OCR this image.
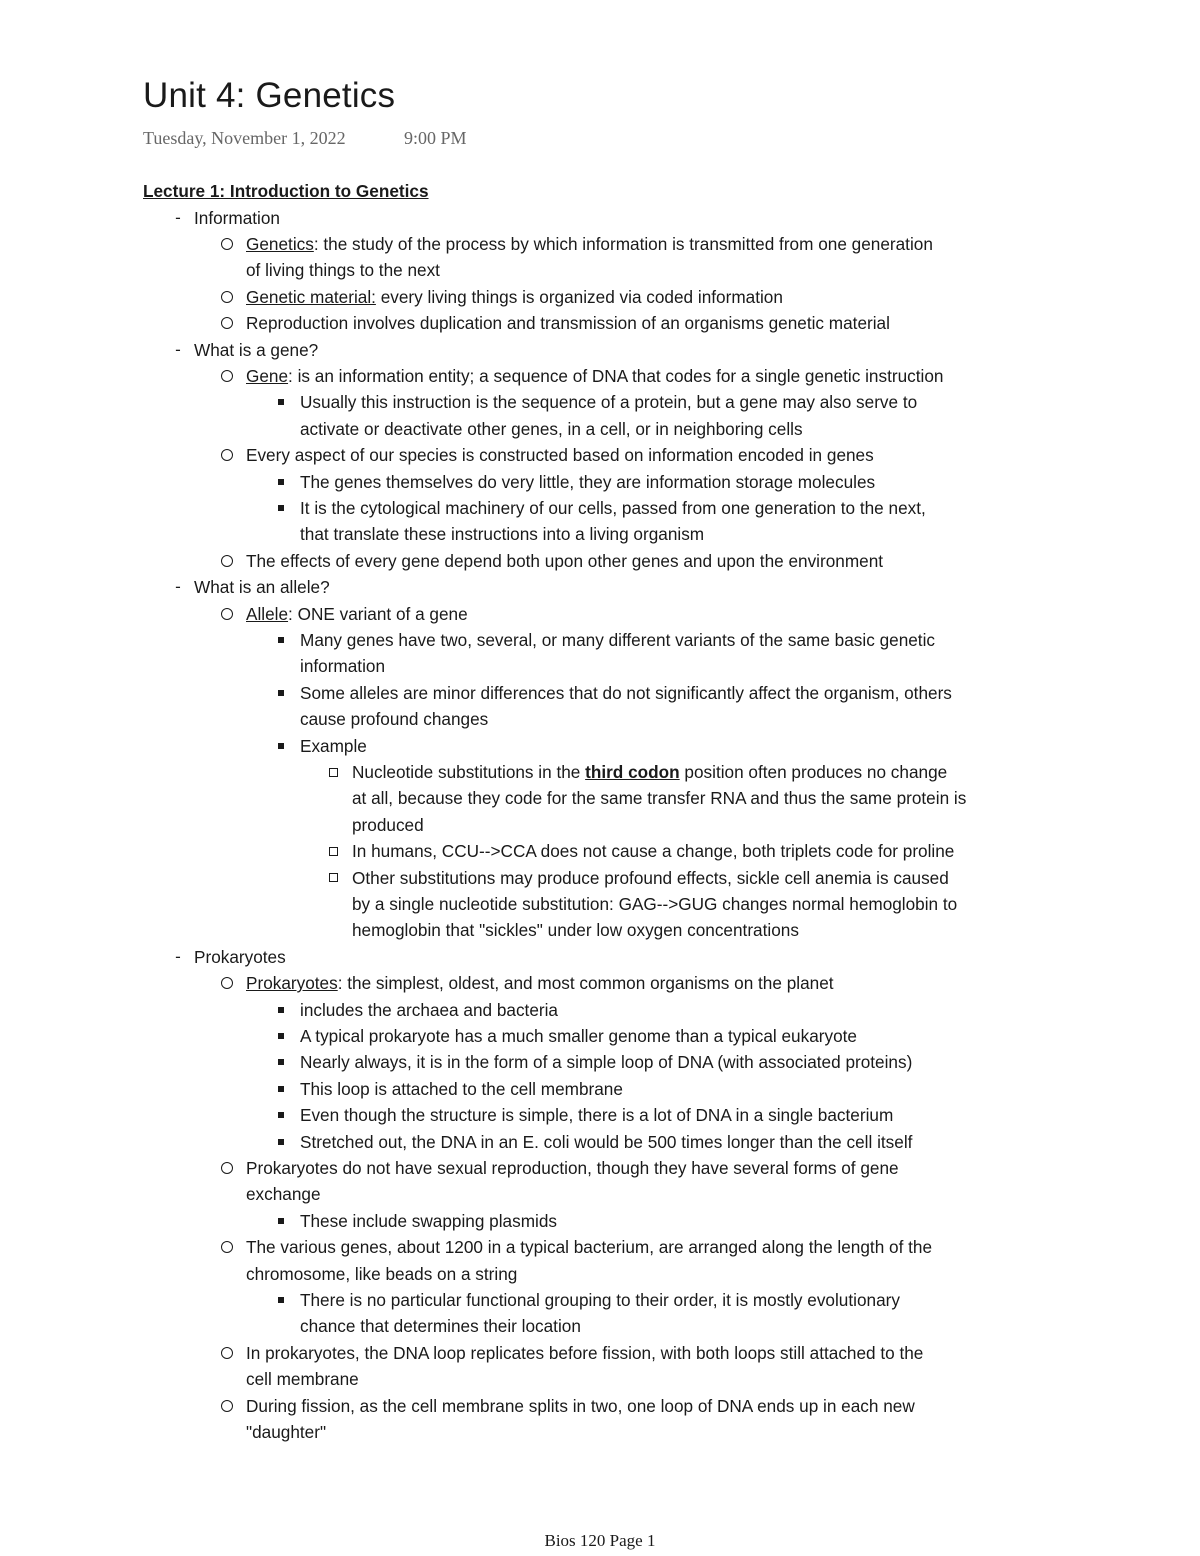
Unit 4: Genetics
Tuesday, November 1, 2022	9:00 PM
Lecture 1: Introduction to Genetics
- Information
Genetics: the study of the process by which information is transmitted from one generation
of living things to the next
Genetic material: every living things is organized via coded information
Reproduction involves duplication and transmission of an organisms genetic material
- What is a gene?
Gene: is an information entity; a sequence of DNA that codes for a single genetic instruction
Usually this instruction is the sequence of a protein, but a gene may also serve to
activate or deactivate other genes, in a cell, or in neighboring cells
Every aspect of our species is constructed based on information encoded in genes
The genes themselves do very little, they are information storage molecules
It is the cytological machinery of our cells, passed from one generation to the next,
that translate these instructions into a living organism
The effects of every gene depend both upon other genes and upon the environment
- What is an allele?
Allele: ONE variant of a gene
Many genes have two, several, or many different variants of the same basic genetic
information
Some alleles are minor differences that do not significantly affect the organism, others
cause profound changes
Example
Nucleotide substitutions in the third codon position often produces no change
at all, because they code for the same transfer RNA and thus the same protein is
produced
In humans, CCU-->CCA does not cause a change, both triplets code for proline
Other substitutions may produce profound effects, sickle cell anemia is caused
by a single nucleotide substitution: GAG-->GUG changes normal hemoglobin to
hemoglobin that "sickles" under low oxygen concentrations
- Prokaryotes
Prokaryotes: the simplest, oldest, and most common organisms on the planet
includes the archaea and bacteria
A typical prokaryote has a much smaller genome than a typical eukaryote
Nearly always, it is in the form of a simple loop of DNA (with associated proteins)
This loop is attached to the cell membrane
Even though the structure is simple, there is a lot of DNA in a single bacterium
Stretched out, the DNA in an E. coli would be 500 times longer than the cell itself
Prokaryotes do not have sexual reproduction, though they have several forms of gene
exchange
These include swapping plasmids
The various genes, about 1200 in a typical bacterium, are arranged along the length of the
chromosome, like beads on a string
There is no particular functional grouping to their order, it is mostly evolutionary
chance that determines their location
In prokaryotes, the DNA loop replicates before fission, with both loops still attached to the
cell membrane
During fission, as the cell membrane splits in two, one loop of DNA ends up in each new
"daughter"
Bios 120 Page 1
